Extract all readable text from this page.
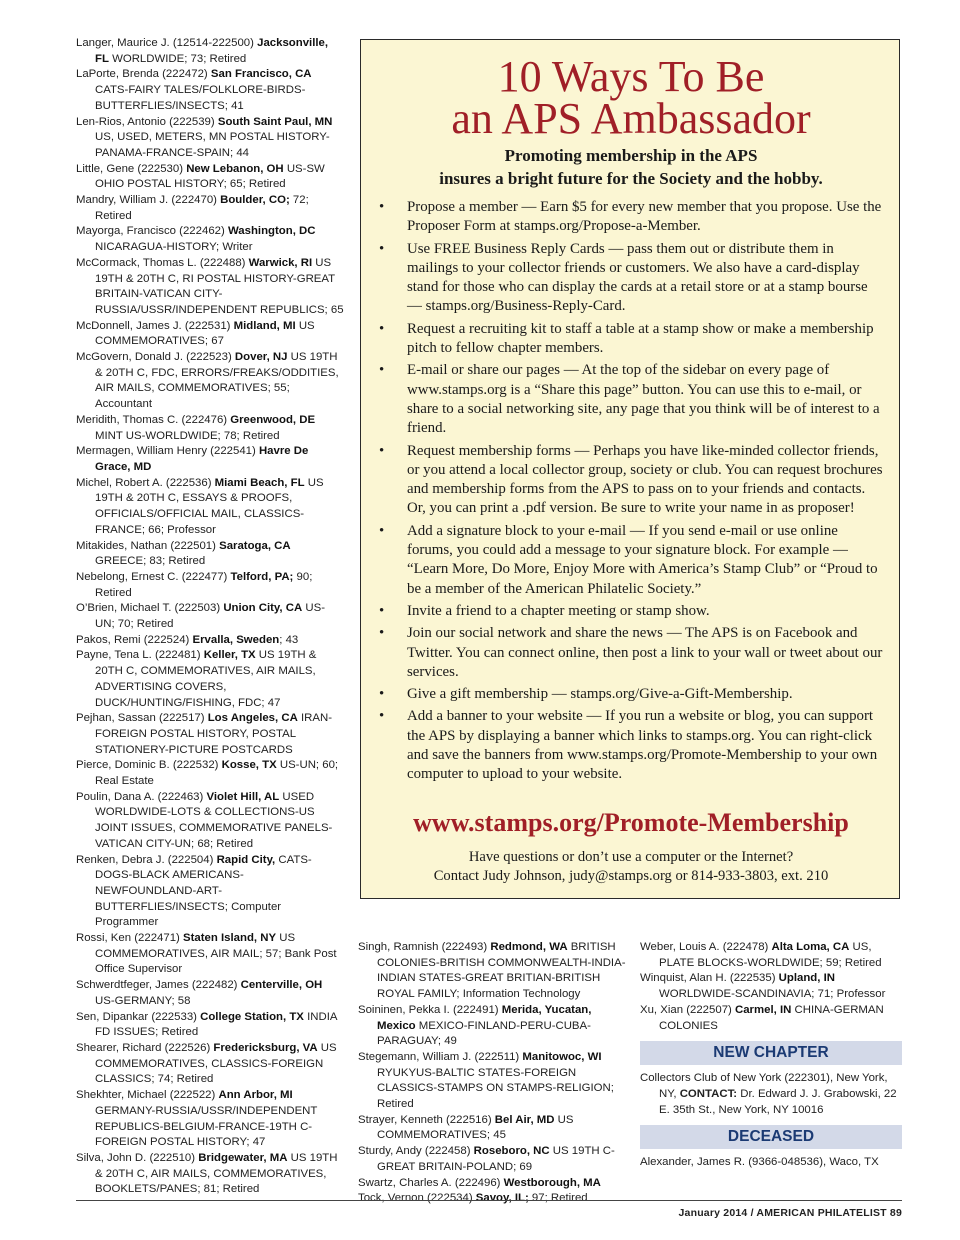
Langer, Maurice J. (12514-222500) Jacksonville, FL WORLDWIDE; 73; Retired

LaPorte, Brenda (222472) San Francisco, CA CATS-FAIRY TALES/FOLKLORE-BIRDS-BUTTERFLIES/INSECTS; 41

Len-Rios, Antonio (222539) South Saint Paul, MN US, USED, METERS, MN POSTAL HISTORY-PANAMA-FRANCE-SPAIN; 44

Little, Gene (222530) New Lebanon, OH US-SW OHIO POSTAL HISTORY; 65; Retired

Mandry, William J. (222470) Boulder, CO; 72; Retired

Mayorga, Francisco (222462) Washington, DC NICARAGUA-HISTORY; Writer

McCormack, Thomas L. (222488) Warwick, RI US 19TH & 20TH C, RI POSTAL HISTORY-GREAT BRITAIN-VATICAN CITY-RUSSIA/USSR/INDEPENDENT REPUBLICS; 65

McDonnell, James J. (222531) Midland, MI US COMMEMORATIVES; 67

McGovern, Donald J. (222523) Dover, NJ US 19TH & 20TH C, FDC, ERRORS/FREAKS/ODDITIES, AIR MAILS, COMMEMORATIVES; 55; Accountant

Meridith, Thomas C. (222476) Greenwood, DE MINT US-WORLDWIDE; 78; Retired

Mermagen, William Henry (222541) Havre De Grace, MD

Michel, Robert A. (222536) Miami Beach, FL US 19TH & 20TH C, ESSAYS & PROOFS, OFFICIALS/OFFICIAL MAIL, CLASSICS-FRANCE; 66; Professor

Mitakides, Nathan (222501) Saratoga, CA GREECE; 83; Retired

Nebelong, Ernest C. (222477) Telford, PA; 90; Retired

O’Brien, Michael T. (222503) Union City, CA US-UN; 70; Retired

Pakos, Remi (222524) Ervalla, Sweden; 43

Payne, Tena L. (222481) Keller, TX US 19TH & 20TH C, COMMEMORATIVES, AIR MAILS, ADVERTISING COVERS, DUCK/HUNTING/FISHING, FDC; 47

Pejhan, Sassan (222517) Los Angeles, CA IRAN-FOREIGN POSTAL HISTORY, POSTAL STATIONERY-PICTURE POSTCARDS

Pierce, Dominic B. (222532) Kosse, TX US-UN; 60; Real Estate

Poulin, Dana A. (222463) Violet Hill, AL USED WORLDWIDE-LOTS & COLLECTIONS-US JOINT ISSUES, COMMEMORATIVE PANELS-VATICAN CITY-UN; 68; Retired

Renken, Debra J. (222504) Rapid City, CATS-DOGS-BLACK AMERICANS-NEWFOUNDLAND-ART-BUTTERFLIES/INSECTS; Computer Programmer

Rossi, Ken (222471) Staten Island, NY US COMMEMORATIVES, AIR MAIL; 57; Bank Post Office Supervisor

Schwerdtfeger, James (222482) Centerville, OH US-GERMANY; 58

Sen, Dipankar (222533) College Station, TX INDIA FD ISSUES; Retired

Shearer, Richard (222526) Fredericksburg, VA US COMMEMORATIVES, CLASSICS-FOREIGN CLASSICS; 74; Retired

Shekhter, Michael (222522) Ann Arbor, MI GERMANY-RUSSIA/USSR/INDEPENDENT REPUBLICS-BELGIUM-FRANCE-19TH C-FOREIGN POSTAL HISTORY; 47

Silva, John D. (222510) Bridgewater, MA US 19TH & 20TH C, AIR MAILS, COMMEMORATIVES, BOOKLETS/PANES; 81; Retired

10 Ways To Be
an APS Ambassador
Promoting membership in the APS
insures a bright future for the Society and the hobby.
• Propose a member — Earn $5 for every new member that you propose. Use the Proposer Form at stamps.org/Propose-a-Member.
• Use FREE Business Reply Cards — pass them out or distribute them in mailings to your collector friends or customers. We also have a card-display stand for those who can display the cards at a retail store or at a stamp bourse — stamps.org/Business-Reply-Card.
• Request a recruiting kit to staff a table at a stamp show or make a membership pitch to fellow chapter members.
• E-mail or share our pages — At the top of the sidebar on every page of www.stamps.org is a “Share this page” button. You can use this to e-mail, or share to a social networking site, any page that you think will be of interest to a friend.
• Request membership forms — Perhaps you have like-minded collector friends, or you attend a local collector group, society or club. You can request brochures and membership forms from the APS to pass on to your friends and contacts. Or, you can print a .pdf version. Be sure to write your name in as proposer!
• Add a signature block to your e-mail — If you send e-mail or use online forums, you could add a message to your signature block. For example — “Learn More, Do More, Enjoy More with America’s Stamp Club” or “Proud to be a member of the American Philatelic Society.”
• Invite a friend to a chapter meeting or stamp show.
• Join our social network and share the news — The APS is on Facebook and Twitter. You can connect online, then post a link to your wall or tweet about our services.
• Give a gift membership — stamps.org/Give-a-Gift-Membership.
• Add a banner to your website — If you run a website or blog, you can support the APS by displaying a banner which links to stamps.org. You can right-click and save the banners from www.stamps.org/Promote-Membership to your own computer to upload to your website.
www.stamps.org/Promote-Membership
Have questions or don’t use a computer or the Internet?
Contact Judy Johnson, judy@stamps.org or 814-933-3803, ext. 210

Singh, Ramnish (222493) Redmond, WA BRITISH COLONIES-BRITISH COMMONWEALTH-INDIA-INDIAN STATES-GREAT BRITIAN-BRITISH ROYAL FAMILY; Information Technology

Soininen, Pekka I. (222491) Merida, Yucatan, Mexico MEXICO-FINLAND-PERU-CUBA-PARAGUAY; 49

Stegemann, William J. (222511) Manitowoc, WI RYUKYUS-BALTIC STATES-FOREIGN CLASSICS-STAMPS ON STAMPS-RELIGION; Retired

Strayer, Kenneth (222516) Bel Air, MD US COMMEMORATIVES; 45

Sturdy, Andy (222458) Roseboro, NC US 19TH C-GREAT BRITAIN-POLAND; 69

Swartz, Charles A. (222496) Westborough, MA

Tock, Vernon (222534) Savoy, IL; 97; Retired

Weber, Louis A. (222478) Alta Loma, CA US, PLATE BLOCKS-WORLDWIDE; 59; Retired

Winquist, Alan H. (222535) Upland, IN WORLDWIDE-SCANDINAVIA; 71; Professor

Xu, Xian (222507) Carmel, IN CHINA-GERMAN COLONIES

NEW CHAPTER

Collectors Club of New York (222301), New York, NY, CONTACT: Dr. Edward J. J. Grabowski, 22 E. 35th St., New York, NY 10016

DECEASED

Alexander, James R. (9366-048536), Waco, TX

January 2014 / AMERICAN PHILATELIST 89
